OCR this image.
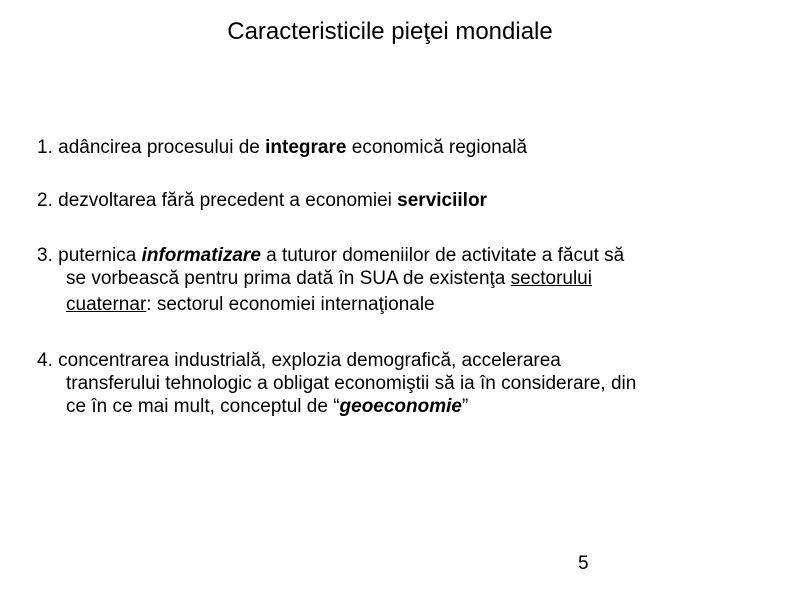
Caracteristicile pieţei mondiale
1. adâncirea procesului de integrare economică regională
2. dezvoltarea fără precedent a economiei serviciilor
3. puternica informatizare a tuturor domeniilor de activitate a făcut să
se vorbească pentru prima dată în SUA de existenţa sectorului
cuaternar: sectorul economiei internaţionale
4. concentrarea industrială, explozia demografică, accelerarea
transferului tehnologic a obligat economiştii să ia în considerare, din
ce în ce mai mult, conceptul de “geoeconomie”
5
